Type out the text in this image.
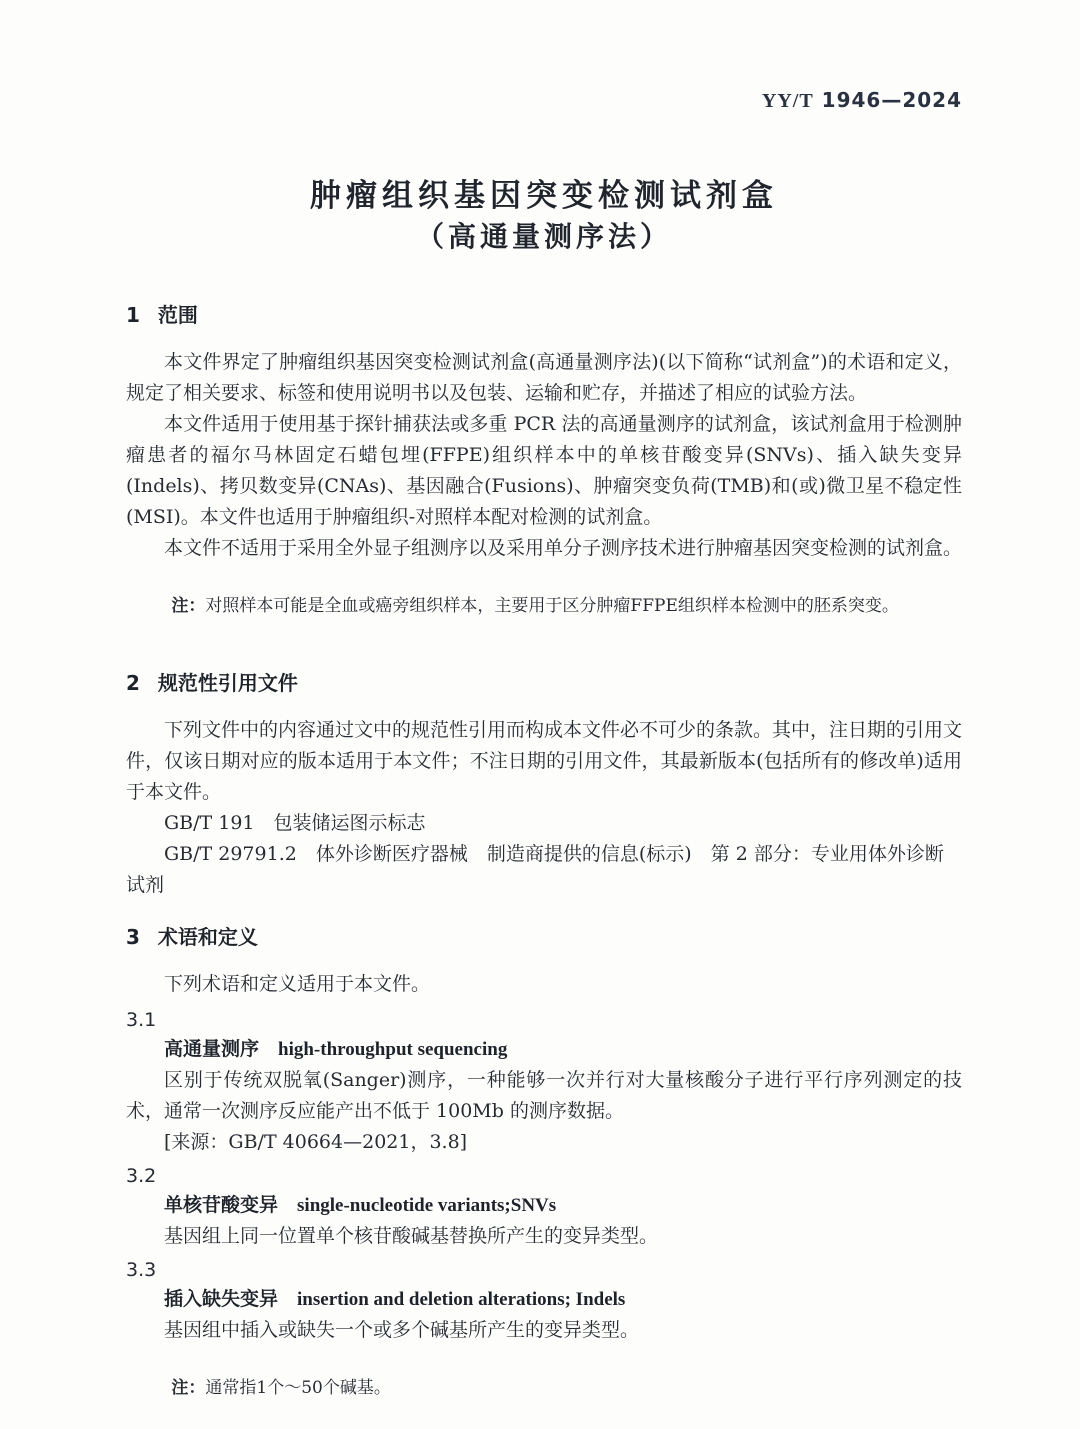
YY/T 1946—2024
肿瘤组织基因突变检测试剂盒
（高通量测序法）
1 范围

本文件界定了肿瘤组织基因突变检测试剂盒(高通量测序法)(以下简称“试剂盒”)的术语和定义，规定了相关要求、标签和使用说明书以及包装、运输和贮存，并描述了相应的试验方法。

本文件适用于使用基于探针捕获法或多重 PCR 法的高通量测序的试剂盒，该试剂盒用于检测肿瘤患者的福尔马林固定石蜡包埋(FFPE)组织样本中的单核苷酸变异(SNVs)、插入缺失变异(Indels)、拷贝数变异(CNAs)、基因融合(Fusions)、肿瘤突变负荷(TMB)和(或)微卫星不稳定性(MSI)。本文件也适用于肿瘤组织-对照样本配对检测的试剂盒。

本文件不适用于采用全外显子组测序以及采用单分子测序技术进行肿瘤基因突变检测的试剂盒。

注：对照样本可能是全血或癌旁组织样本，主要用于区分肿瘤FFPE组织样本检测中的胚系突变。

2 规范性引用文件

下列文件中的内容通过文中的规范性引用而构成本文件必不可少的条款。其中，注日期的引用文件，仅该日期对应的版本适用于本文件；不注日期的引用文件，其最新版本(包括所有的修改单)适用于本文件。

GB/T 191　包装储运图示标志

GB/T 29791.2　体外诊断医疗器械　制造商提供的信息(标示)　第 2 部分：专业用体外诊断试剂

3 术语和定义

下列术语和定义适用于本文件。

3.1
高通量测序 high-throughput sequencing

区别于传统双脱氧(Sanger)测序，一种能够一次并行对大量核酸分子进行平行序列测定的技术，通常一次测序反应能产出不低于 100Mb 的测序数据。

[来源：GB/T 40664—2021，3.8]
3.2
单核苷酸变异 single-nucleotide variants;SNVs

基因组上同一位置单个核苷酸碱基替换所产生的变异类型。

3.3
插入缺失变异 insertion and deletion alterations; Indels

基因组中插入或缺失一个或多个碱基所产生的变异类型。

注：通常指1个～50个碱基。
